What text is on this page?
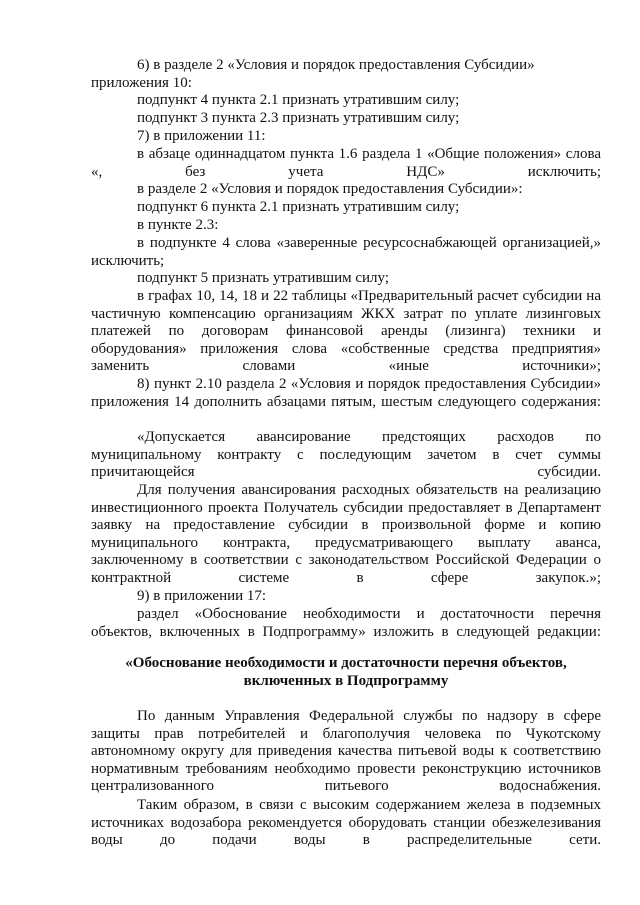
6) в разделе 2 «Условия и порядок предоставления Субсидии» приложения 10:

подпункт 4 пункта 2.1 признать утратившим силу;

подпункт 3 пункта 2.3 признать утратившим силу;

7) в приложении 11:

в абзаце одиннадцатом пункта 1.6 раздела 1 «Общие положения» слова «, без учета НДС» исключить;

в разделе 2 «Условия и порядок предоставления Субсидии»:

подпункт 6 пункта 2.1 признать утратившим силу;

в пункте 2.3:

в подпункте 4 слова «заверенные ресурсоснабжающей организацией,» исключить;

подпункт 5 признать утратившим силу;

в графах 10, 14, 18 и 22 таблицы «Предварительный расчет субсидии на частичную компенсацию организациям ЖКХ затрат по уплате лизинговых платежей по договорам финансовой аренды (лизинга) техники и оборудования» приложения слова «собственные средства предприятия» заменить словами «иные источники»;

8) пункт 2.10 раздела 2 «Условия и порядок предоставления Субсидии» приложения 14 дополнить абзацами пятым, шестым следующего содержания:

«Допускается авансирование предстоящих расходов по муниципальному контракту с последующим зачетом в счет суммы причитающейся субсидии.

Для получения авансирования расходных обязательств на реализацию инвестиционного проекта Получатель субсидии предоставляет в Департамент заявку на предоставление субсидии в произвольной форме и копию муниципального контракта, предусматривающего выплату аванса, заключенному в соответствии с законодательством Российской Федерации о контрактной системе в сфере закупок.»;

9) в приложении 17:

раздел «Обоснование необходимости и достаточности перечня объектов, включенных в Подпрограмму» изложить в следующей редакции:

«Обоснование необходимости и достаточности перечня объектов, включенных в Подпрограмму

По данным Управления Федеральной службы по надзору в сфере защиты прав потребителей и благополучия человека по Чукотскому автономному округу для приведения качества питьевой воды к соответствию нормативным требованиям необходимо провести реконструкцию источников централизованного питьевого водоснабжения.

Таким образом, в связи с высоким содержанием железа в подземных источниках водозабора рекомендуется оборудовать станции обезжелезивания воды до подачи воды в распределительные сети.
